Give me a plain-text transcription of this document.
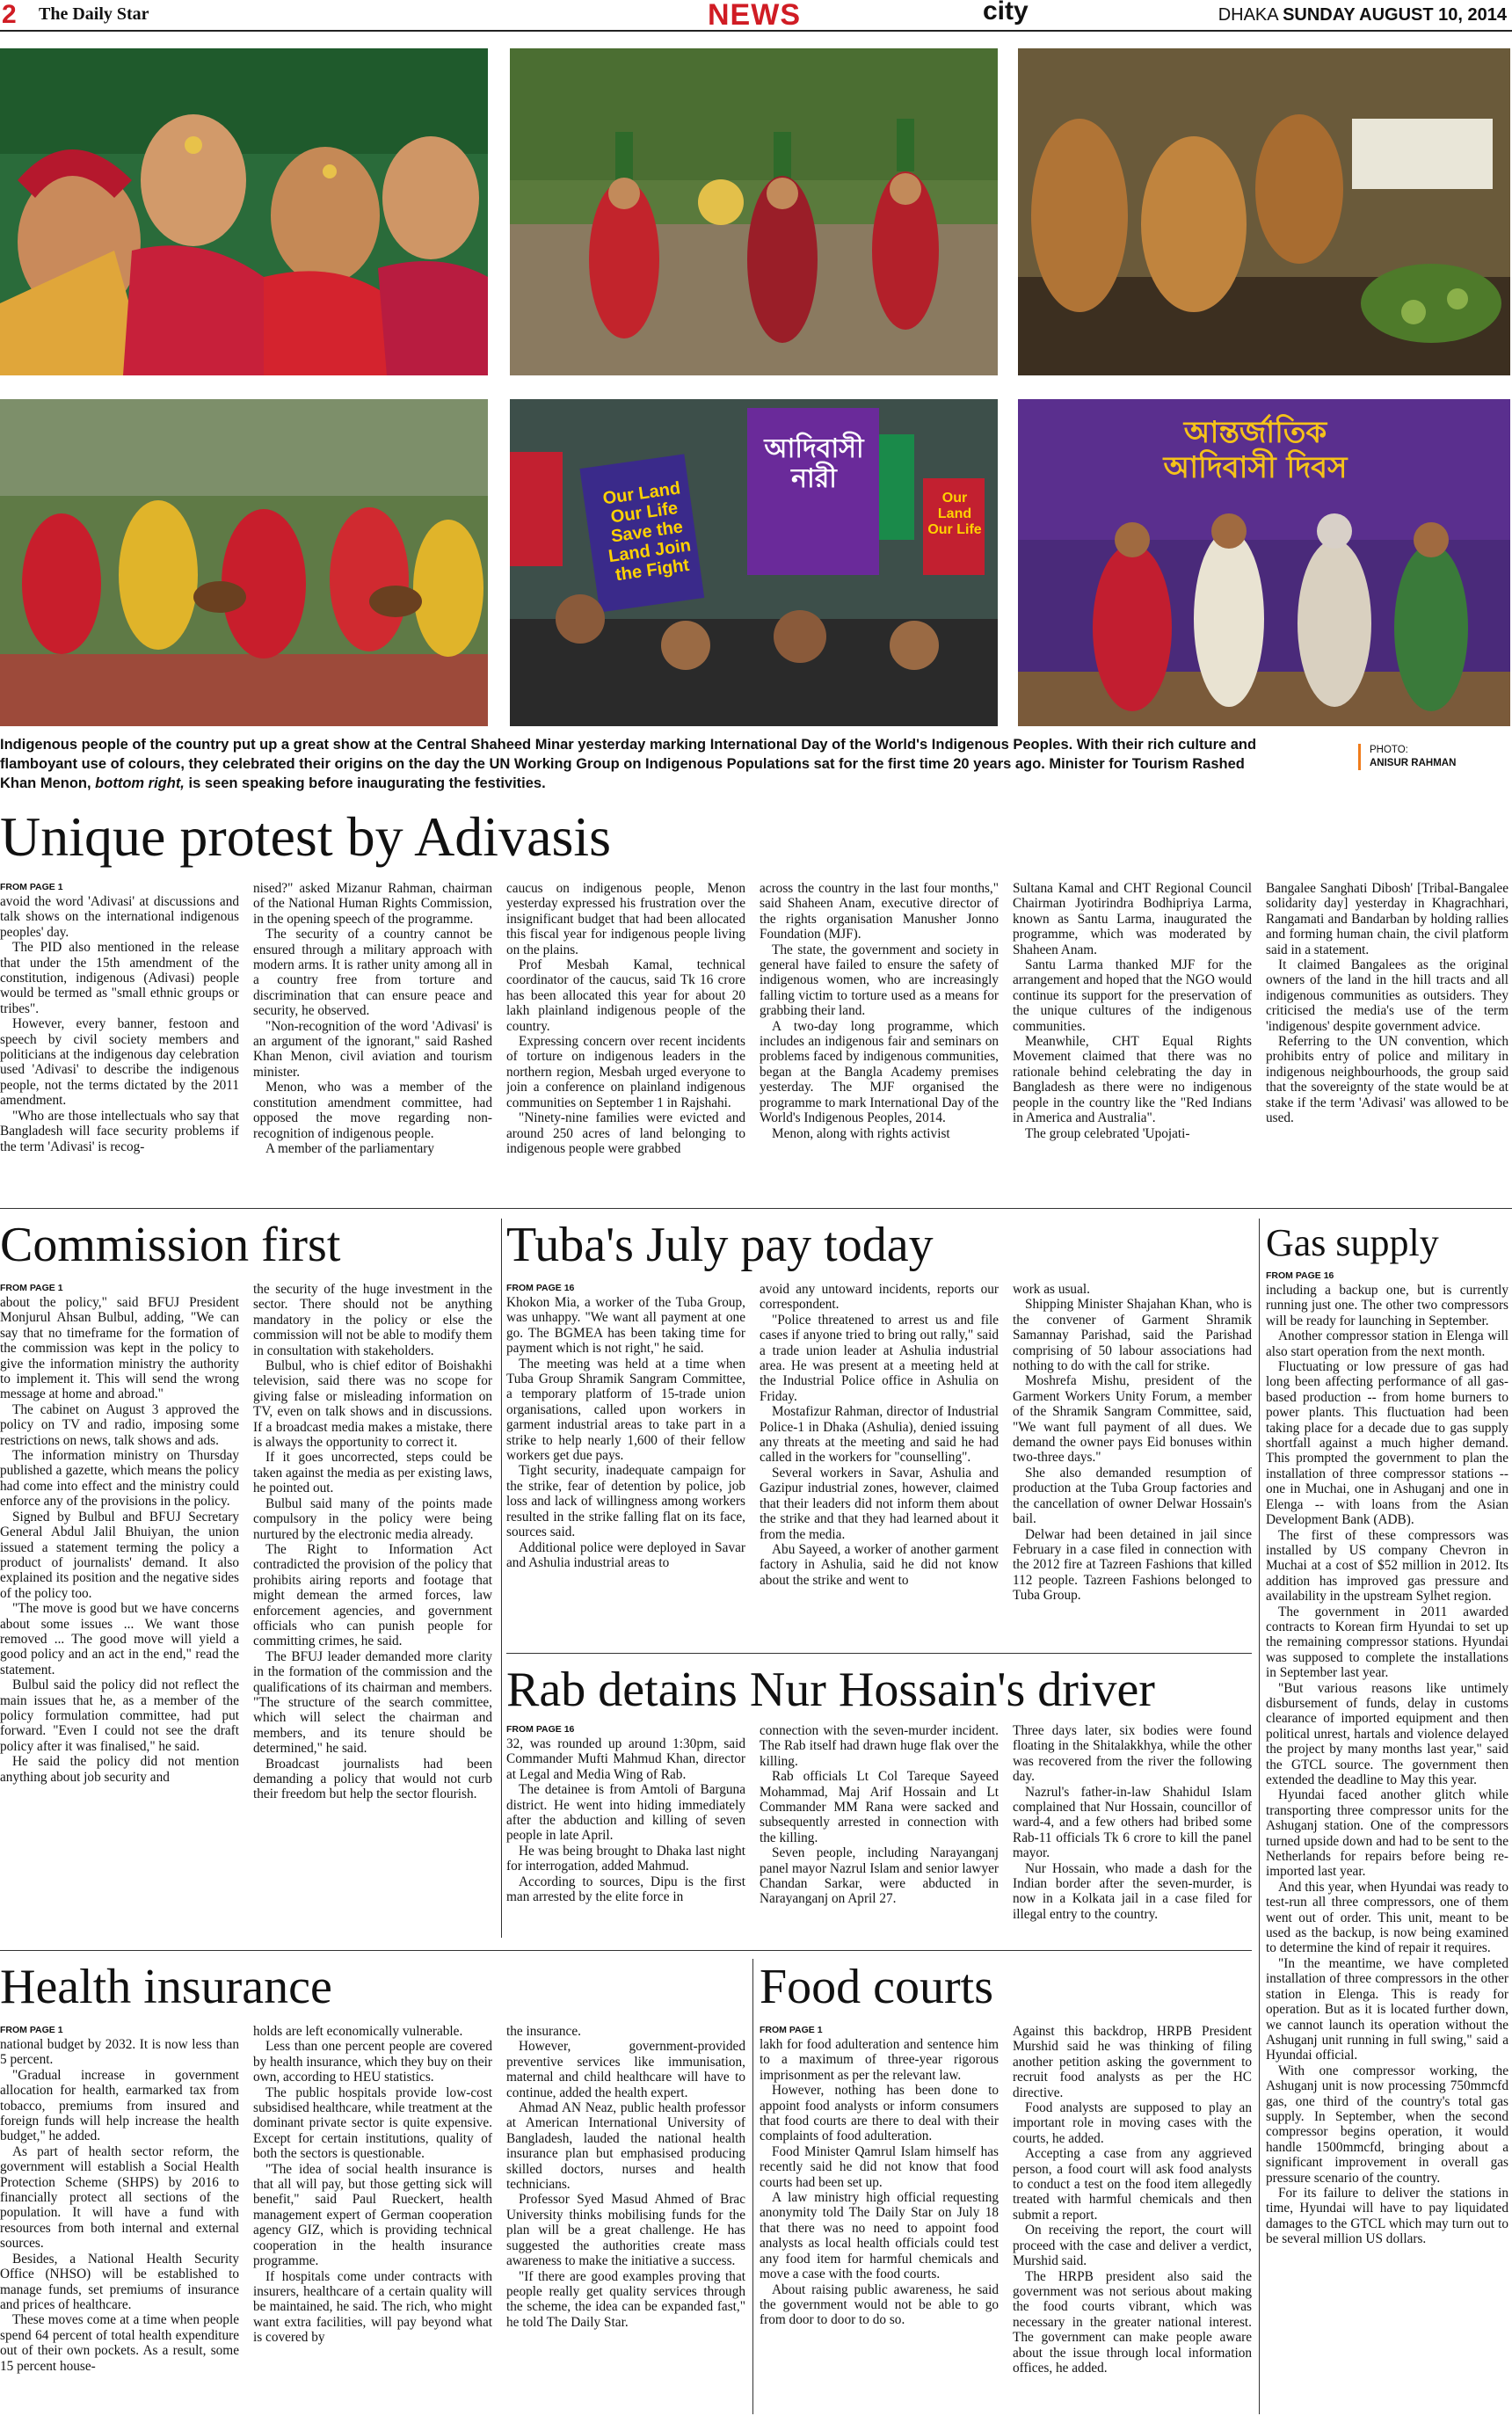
2 The Daily Star	NEWS	city	DHAKA SUNDAY AUGUST 10, 2014
Our Land Our Life Save the Land Join the Fight
আদিবাসী নারী
Our Land Our Life
আন্তর্জাতিক আদিবাসী দিবস
Indigenous people of the country put up a great show at the Central Shaheed Minar yesterday marking International Day of the World's Indigenous Peoples. With their rich culture and flamboyant use of colours, they celebrated their origins on the day the UN Working Group on Indigenous Populations sat for the first time 20 years ago. Minister for Tourism Rashed Khan Menon, bottom right, is seen speaking before inaugurating the festivities.
PHOTO:
ANISUR RAHMAN
Unique protest by Adivasis
FROM PAGE 1

avoid the word 'Adivasi' at discussions and talk shows on the international indigenous peoples' day.

The PID also mentioned in the release that under the 15th amendment of the constitution, indigenous (Adivasi) people would be termed as "small ethnic groups or tribes".

However, every banner, festoon and speech by civil society members and politicians at the indigenous day celebration used 'Adivasi' to describe the indigenous people, not the terms dictated by the 2011 amendment.

"Who are those intellectuals who say that Bangladesh will face security problems if the term 'Adivasi' is recog-

nised?" asked Mizanur Rahman, chairman of the National Human Rights Commission, in the opening speech of the programme.

The security of a country cannot be ensured through a military approach with modern arms. It is rather unity among all in a country free from torture and discrimination that can ensure peace and security, he observed.

"Non-recognition of the word 'Adivasi' is an argument of the ignorant," said Rashed Khan Menon, civil aviation and tourism minister.

Menon, who was a member of the constitution amendment committee, had opposed the move regarding non-recognition of indigenous people.

A member of the parliamentary

caucus on indigenous people, Menon yesterday expressed his frustration over the insignificant budget that had been allocated this fiscal year for indigenous people living on the plains.

Prof Mesbah Kamal, technical coordinator of the caucus, said Tk 16 crore has been allocated this year for about 20 lakh plainland indigenous people of the country.

Expressing concern over recent incidents of torture on indigenous leaders in the northern region, Mesbah urged everyone to join a conference on plainland indigenous communities on September 1 in Rajshahi.

"Ninety-nine families were evicted and around 250 acres of land belonging to indigenous people were grabbed

across the country in the last four months," said Shaheen Anam, executive director of the rights organisation Manusher Jonno Foundation (MJF).

The state, the government and society in general have failed to ensure the safety of indigenous women, who are increasingly falling victim to torture used as a means for grabbing their land.

A two-day long programme, which includes an indigenous fair and seminars on problems faced by indigenous communities, began at the Bangla Academy premises yesterday. The MJF organised the programme to mark International Day of the World's Indigenous Peoples, 2014.

Menon, along with rights activist

Sultana Kamal and CHT Regional Council Chairman Jyotirindra Bodhipriya Larma, known as Santu Larma, inaugurated the programme, which was moderated by Shaheen Anam.

Santu Larma thanked MJF for the arrangement and hoped that the NGO would continue its support for the preservation of the unique cultures of the indigenous communities.

Meanwhile, CHT Equal Rights Movement claimed that there was no rationale behind celebrating the day in Bangladesh as there were no indigenous people in the country like the "Red Indians in America and Australia".

The group celebrated 'Upojati-

Bangalee Sanghati Dibosh' [Tribal-Bangalee solidarity day] yesterday in Khagrachhari, Rangamati and Bandarban by holding rallies and forming human chain, the civil platform said in a statement.

It claimed Bangalees as the original owners of the land in the hill tracts and all indigenous communities as outsiders. They criticised the media's use of the term 'indigenous' despite government advice.

Referring to the UN convention, which prohibits entry of police and military in indigenous neighbourhoods, the group said that the sovereignty of the state would be at stake if the term 'Adivasi' was allowed to be used.

Commission first
FROM PAGE 1

about the policy," said BFUJ President Monjurul Ahsan Bulbul, adding, "We can say that no timeframe for the formation of the commission was kept in the policy to give the information ministry the authority to implement it. This will send the wrong message at home and abroad."

The cabinet on August 3 approved the policy on TV and radio, imposing some restrictions on news, talk shows and ads.

The information ministry on Thursday published a gazette, which means the policy had come into effect and the ministry could enforce any of the provisions in the policy.

Signed by Bulbul and BFUJ Secretary General Abdul Jalil Bhuiyan, the union issued a statement terming the policy a product of journalists' demand. It also explained its position and the negative sides of the policy too.

"The move is good but we have concerns about some issues ... We want those removed ... The good move will yield a good policy and an act in the end," read the statement.

Bulbul said the policy did not reflect the main issues that he, as a member of the policy formulation committee, had put forward. "Even I could not see the draft policy after it was finalised," he said.

He said the policy did not mention anything about job security and

the security of the huge investment in the sector. There should not be anything mandatory in the policy or else the commission will not be able to modify them in consultation with stakeholders.

Bulbul, who is chief editor of Boishakhi television, said there was no scope for giving false or misleading information on TV, even on talk shows and in discussions. If a broadcast media makes a mistake, there is always the opportunity to correct it.

If it goes uncorrected, steps could be taken against the media as per existing laws, he pointed out.

Bulbul said many of the points made compulsory in the policy were being nurtured by the electronic media already.

The Right to Information Act contradicted the provision of the policy that prohibits airing reports and footage that might demean the armed forces, law enforcement agencies, and government officials who can punish people for committing crimes, he said.

The BFUJ leader demanded more clarity in the formation of the commission and the qualifications of its chairman and members. "The structure of the search committee, which will select the chairman and members, and its tenure should be determined," he said.

Broadcast journalists had been demanding a policy that would not curb their freedom but help the sector flourish.

Tuba's July pay today
FROM PAGE 16

Khokon Mia, a worker of the Tuba Group, was unhappy. "We want all payment at one go. The BGMEA has been taking time for payment which is not right," he said.

The meeting was held at a time when Tuba Group Shramik Sangram Committee, a temporary platform of 15-trade union organisations, called upon workers in garment industrial areas to take part in a strike to help nearly 1,600 of their fellow workers get due pays.

Tight security, inadequate campaign for the strike, fear of detention by police, job loss and lack of willingness among workers resulted in the strike falling flat on its face, sources said.

Additional police were deployed in Savar and Ashulia industrial areas to

avoid any untoward incidents, reports our correspondent.

"Police threatened to arrest us and file cases if anyone tried to bring out rally," said a trade union leader at Ashulia industrial area. He was present at a meeting held at the Industrial Police office in Ashulia on Friday.

Mostafizur Rahman, director of Industrial Police-1 in Dhaka (Ashulia), denied issuing any threats at the meeting and said he had called in the workers for "counselling".

Several workers in Savar, Ashulia and Gazipur industrial zones, however, claimed that their leaders did not inform them about the strike and that they had learned about it from the media.

Abu Sayeed, a worker of another garment factory in Ashulia, said he did not know about the strike and went to

work as usual.

Shipping Minister Shajahan Khan, who is the convener of Garment Shramik Samannay Parishad, said the Parishad comprising of 50 labour associations had nothing to do with the call for strike.

Moshrefa Mishu, president of the Garment Workers Unity Forum, a member of the Shramik Sangram Committee, said, "We want full payment of all dues. We demand the owner pays Eid bonuses within two-three days."

She also demanded resumption of production at the Tuba Group factories and the cancellation of owner Delwar Hossain's bail.

Delwar had been detained in jail since February in a case filed in connection with the 2012 fire at Tazreen Fashions that killed 112 people. Tazreen Fashions belonged to Tuba Group.

Rab detains Nur Hossain's driver
FROM PAGE 16

32, was rounded up around 1:30pm, said Commander Mufti Mahmud Khan, director at Legal and Media Wing of Rab.

The detainee is from Amtoli of Barguna district. He went into hiding immediately after the abduction and killing of seven people in late April.

He was being brought to Dhaka last night for interrogation, added Mahmud.

According to sources, Dipu is the first man arrested by the elite force in

connection with the seven-murder incident. The Rab itself had drawn huge flak over the killing.

Rab officials Lt Col Tareque Sayeed Mohammad, Maj Arif Hossain and Lt Commander MM Rana were sacked and subsequently arrested in connection with the killing.

Seven people, including Narayanganj panel mayor Nazrul Islam and senior lawyer Chandan Sarkar, were abducted in Narayanganj on April 27.

Three days later, six bodies were found floating in the Shitalakkhya, while the other was recovered from the river the following day.

Nazrul's father-in-law Shahidul Islam complained that Nur Hossain, councillor of ward-4, and a few others had bribed some Rab-11 officials Tk 6 crore to kill the panel mayor.

Nur Hossain, who made a dash for the Indian border after the seven-murder, is now in a Kolkata jail in a case filed for illegal entry to the country.

Gas supply
FROM PAGE 16

including a backup one, but is currently running just one. The other two compressors will be ready for launching in September.

Another compressor station in Elenga will also start operation from the next month.

Fluctuating or low pressure of gas had long been affecting performance of all gas-based production -- from home burners to power plants. This fluctuation had been taking place for a decade due to gas supply shortfall against a much higher demand. This prompted the government to plan the installation of three compressor stations -- one in Muchai, one in Ashuganj and one in Elenga -- with loans from the Asian Development Bank (ADB).

The first of these compressors was installed by US company Chevron in Muchai at a cost of $52 million in 2012. Its addition has improved gas pressure and availability in the upstream Sylhet region.

The government in 2011 awarded contracts to Korean firm Hyundai to set up the remaining compressor stations. Hyundai was supposed to complete the installations in September last year.

"But various reasons like untimely disbursement of funds, delay in customs clearance of imported equipment and then political unrest, hartals and violence delayed the project by many months last year," said the GTCL source. The government then extended the deadline to May this year.

Hyundai faced another glitch while transporting three compressor units for the Ashuganj station. One of the compressors turned upside down and had to be sent to the Netherlands for repairs before being re-imported last year.

And this year, when Hyundai was ready to test-run all three compressors, one of them went out of order. This unit, meant to be used as the backup, is now being examined to determine the kind of repair it requires.

"In the meantime, we have completed installation of three compressors in the other station in Elenga. This is ready for operation. But as it is located further down, we cannot launch its operation without the Ashuganj unit running in full swing," said a Hyundai official.

With one compressor working, the Ashuganj unit is now processing 750mmcfd gas, one third of the country's total gas supply. In September, when the second compressor begins operation, it would handle 1500mmcfd, bringing about a significant improvement in overall gas pressure scenario of the country.

For its failure to deliver the stations in time, Hyundai will have to pay liquidated damages to the GTCL which may turn out to be several million US dollars.

Health insurance
FROM PAGE 1

national budget by 2032. It is now less than 5 percent.

"Gradual increase in government allocation for health, earmarked tax from tobacco, premiums from insured and foreign funds will help increase the health budget," he added.

As part of health sector reform, the government will establish a Social Health Protection Scheme (SHPS) by 2016 to financially protect all sections of the population. It will have a fund with resources from both internal and external sources.

Besides, a National Health Security Office (NHSO) will be established to manage funds, set premiums of insurance and prices of healthcare.

These moves come at a time when people spend 64 percent of total health expenditure out of their own pockets. As a result, some 15 percent house-

holds are left economically vulnerable.

Less than one percent people are covered by health insurance, which they buy on their own, according to HEU statistics.

The public hospitals provide low-cost subsidised healthcare, while treatment at the dominant private sector is quite expensive. Except for certain institutions, quality of both the sectors is questionable.

"The idea of social health insurance is that all will pay, but those getting sick will benefit," said Paul Rueckert, health management expert of German cooperation agency GIZ, which is providing technical cooperation in the health insurance programme.

If hospitals come under contracts with insurers, healthcare of a certain quality will be maintained, he said. The rich, who might want extra facilities, will pay beyond what is covered by

the insurance.

However, government-provided preventive services like immunisation, maternal and child healthcare will have to continue, added the health expert.

Ahmad AN Neaz, public health professor at American International University of Bangladesh, lauded the national health insurance plan but emphasised producing skilled doctors, nurses and health technicians.

Professor Syed Masud Ahmed of Brac University thinks mobilising funds for the plan will be a great challenge. He has suggested the authorities create mass awareness to make the initiative a success.

"If there are good examples proving that people really get quality services through the scheme, the idea can be expanded fast," he told The Daily Star.

Food courts
FROM PAGE 1

lakh for food adulteration and sentence him to a maximum of three-year rigorous imprisonment as per the relevant law.

However, nothing has been done to appoint food analysts or inform consumers that food courts are there to deal with their complaints of food adulteration.

Food Minister Qamrul Islam himself has recently said he did not know that food courts had been set up.

A law ministry high official requesting anonymity told The Daily Star on July 18 that there was no need to appoint food analysts as local health officials could test any food item for harmful chemicals and move a case with the food courts.

About raising public awareness, he said the government would not be able to go from door to door to do so.

Against this backdrop, HRPB President Murshid said he was thinking of filing another petition asking the government to recruit food analysts as per the HC directive.

Food analysts are supposed to play an important role in moving cases with the courts, he added.

Accepting a case from any aggrieved person, a food court will ask food analysts to conduct a test on the food item allegedly treated with harmful chemicals and then submit a report.

On receiving the report, the court will proceed with the case and deliver a verdict, Murshid said.

The HRPB president also said the government was not serious about making the food courts vibrant, which was necessary in the greater national interest. The government can make people aware about the issue through local information offices, he added.
